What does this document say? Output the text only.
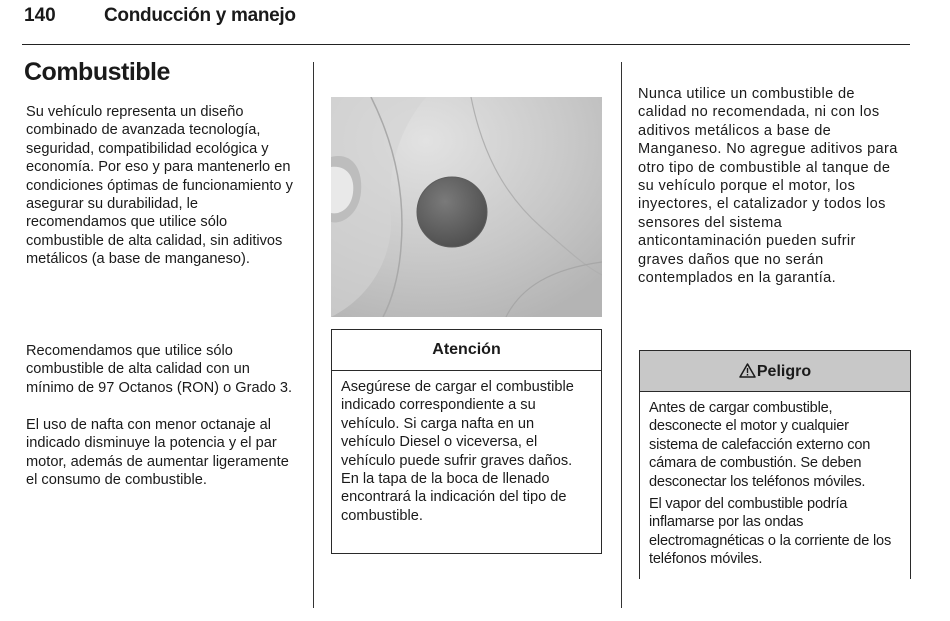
140	Conducción y manejo
Combustible

Su vehículo representa un diseño combinado de avanzada tecnología, seguridad, compatibilidad ecológica y economía. Por eso y para mantenerlo en condiciones óptimas de funcionamiento y asegurar su durabilidad, le recomendamos que utilice sólo combustible de alta calidad, sin aditivos metálicos (a base de manganeso).

Recomendamos que utilice sólo combustible de alta calidad con un mínimo de 97 Octanos (RON) o Grado 3.

El uso de nafta con menor octanaje al indicado disminuye la potencia y el par motor, además de aumentar ligeramente el consumo de combustible.

Atención

Asegúrese de cargar el combustible indicado correspondiente a su vehículo. Si carga nafta en un vehículo Diesel o viceversa, el vehículo puede sufrir graves daños. En la tapa de la boca de llenado encontrará la indicación del tipo de combustible.

Nunca utilice un combustible de calidad no recomendada, ni con los aditivos metálicos a base de Manganeso. No agregue aditivos para otro tipo de combustible al tanque de su vehículo porque el motor, los inyectores, el catalizador y todos los sensores del sistema anticontaminación pueden sufrir graves daños que no serán contemplados en la garantía.

Peligro

Antes de cargar combustible, desconecte el motor y cualquier sistema de calefacción externo con cámara de combustión. Se deben desconectar los teléfonos móviles.

El vapor del combustible podría inflamarse por las ondas electromagnéticas o la corriente de los teléfonos móviles.
